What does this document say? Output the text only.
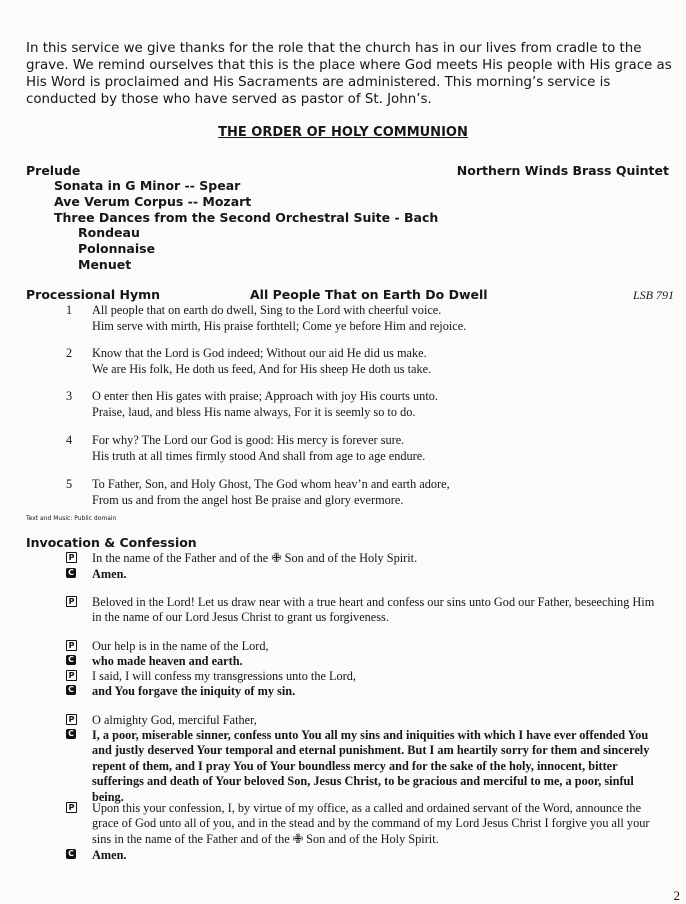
In this service we give thanks for the role that the church has in our lives from cradle to the grave. We remind ourselves that this is the place where God meets His people with His grace as His Word is proclaimed and His Sacraments are administered. This morning’s service is conducted by those who have served as pastor of St. John’s.
THE ORDER OF HOLY COMMUNION
Prelude	Northern Winds Brass Quintet
Sonata in G Minor -- Spear
Ave Verum Corpus -- Mozart
Three Dances from the Second Orchestral Suite - Bach
Rondeau
Polonnaise
Menuet
Processional Hymn	All People That on Earth Do Dwell	LSB 791
1	All people that on earth do dwell, Sing to the Lord with cheerful voice.
Him serve with mirth, His praise forthtell; Come ye before Him and rejoice.
2	Know that the Lord is God indeed; Without our aid He did us make.
We are His folk, He doth us feed, And for His sheep He doth us take.
3	O enter then His gates with praise; Approach with joy His courts unto.
Praise, laud, and bless His name always, For it is seemly so to do.
4	For why? The Lord our God is good: His mercy is forever sure.
His truth at all times firmly stood And shall from age to age endure.
5	To Father, Son, and Holy Ghost, The God whom heav’n and earth adore,
From us and from the angel host Be praise and glory evermore.
Text and Music: Public domain
Invocation & Confession
P In the name of the Father and of the ✙ Son and of the Holy Spirit.
C Amen.
P Beloved in the Lord! Let us draw near with a true heart and confess our sins unto God our Father, beseeching Him in the name of our Lord Jesus Christ to grant us forgiveness.
P Our help is in the name of the Lord,
C who made heaven and earth.
P I said, I will confess my transgressions unto the Lord,
C and You forgave the iniquity of my sin.
P O almighty God, merciful Father,
C I, a poor, miserable sinner, confess unto You all my sins and iniquities with which I have ever offended You and justly deserved Your temporal and eternal punishment. But I am heartily sorry for them and sincerely repent of them, and I pray You of Your boundless mercy and for the sake of the holy, innocent, bitter sufferings and death of Your beloved Son, Jesus Christ, to be gracious and merciful to me, a poor, sinful being.
P Upon this your confession, I, by virtue of my office, as a called and ordained servant of the Word, announce the grace of God unto all of you, and in the stead and by the command of my Lord Jesus Christ I forgive you all your sins in the name of the Father and of the ✙ Son and of the Holy Spirit.
C Amen.
2
